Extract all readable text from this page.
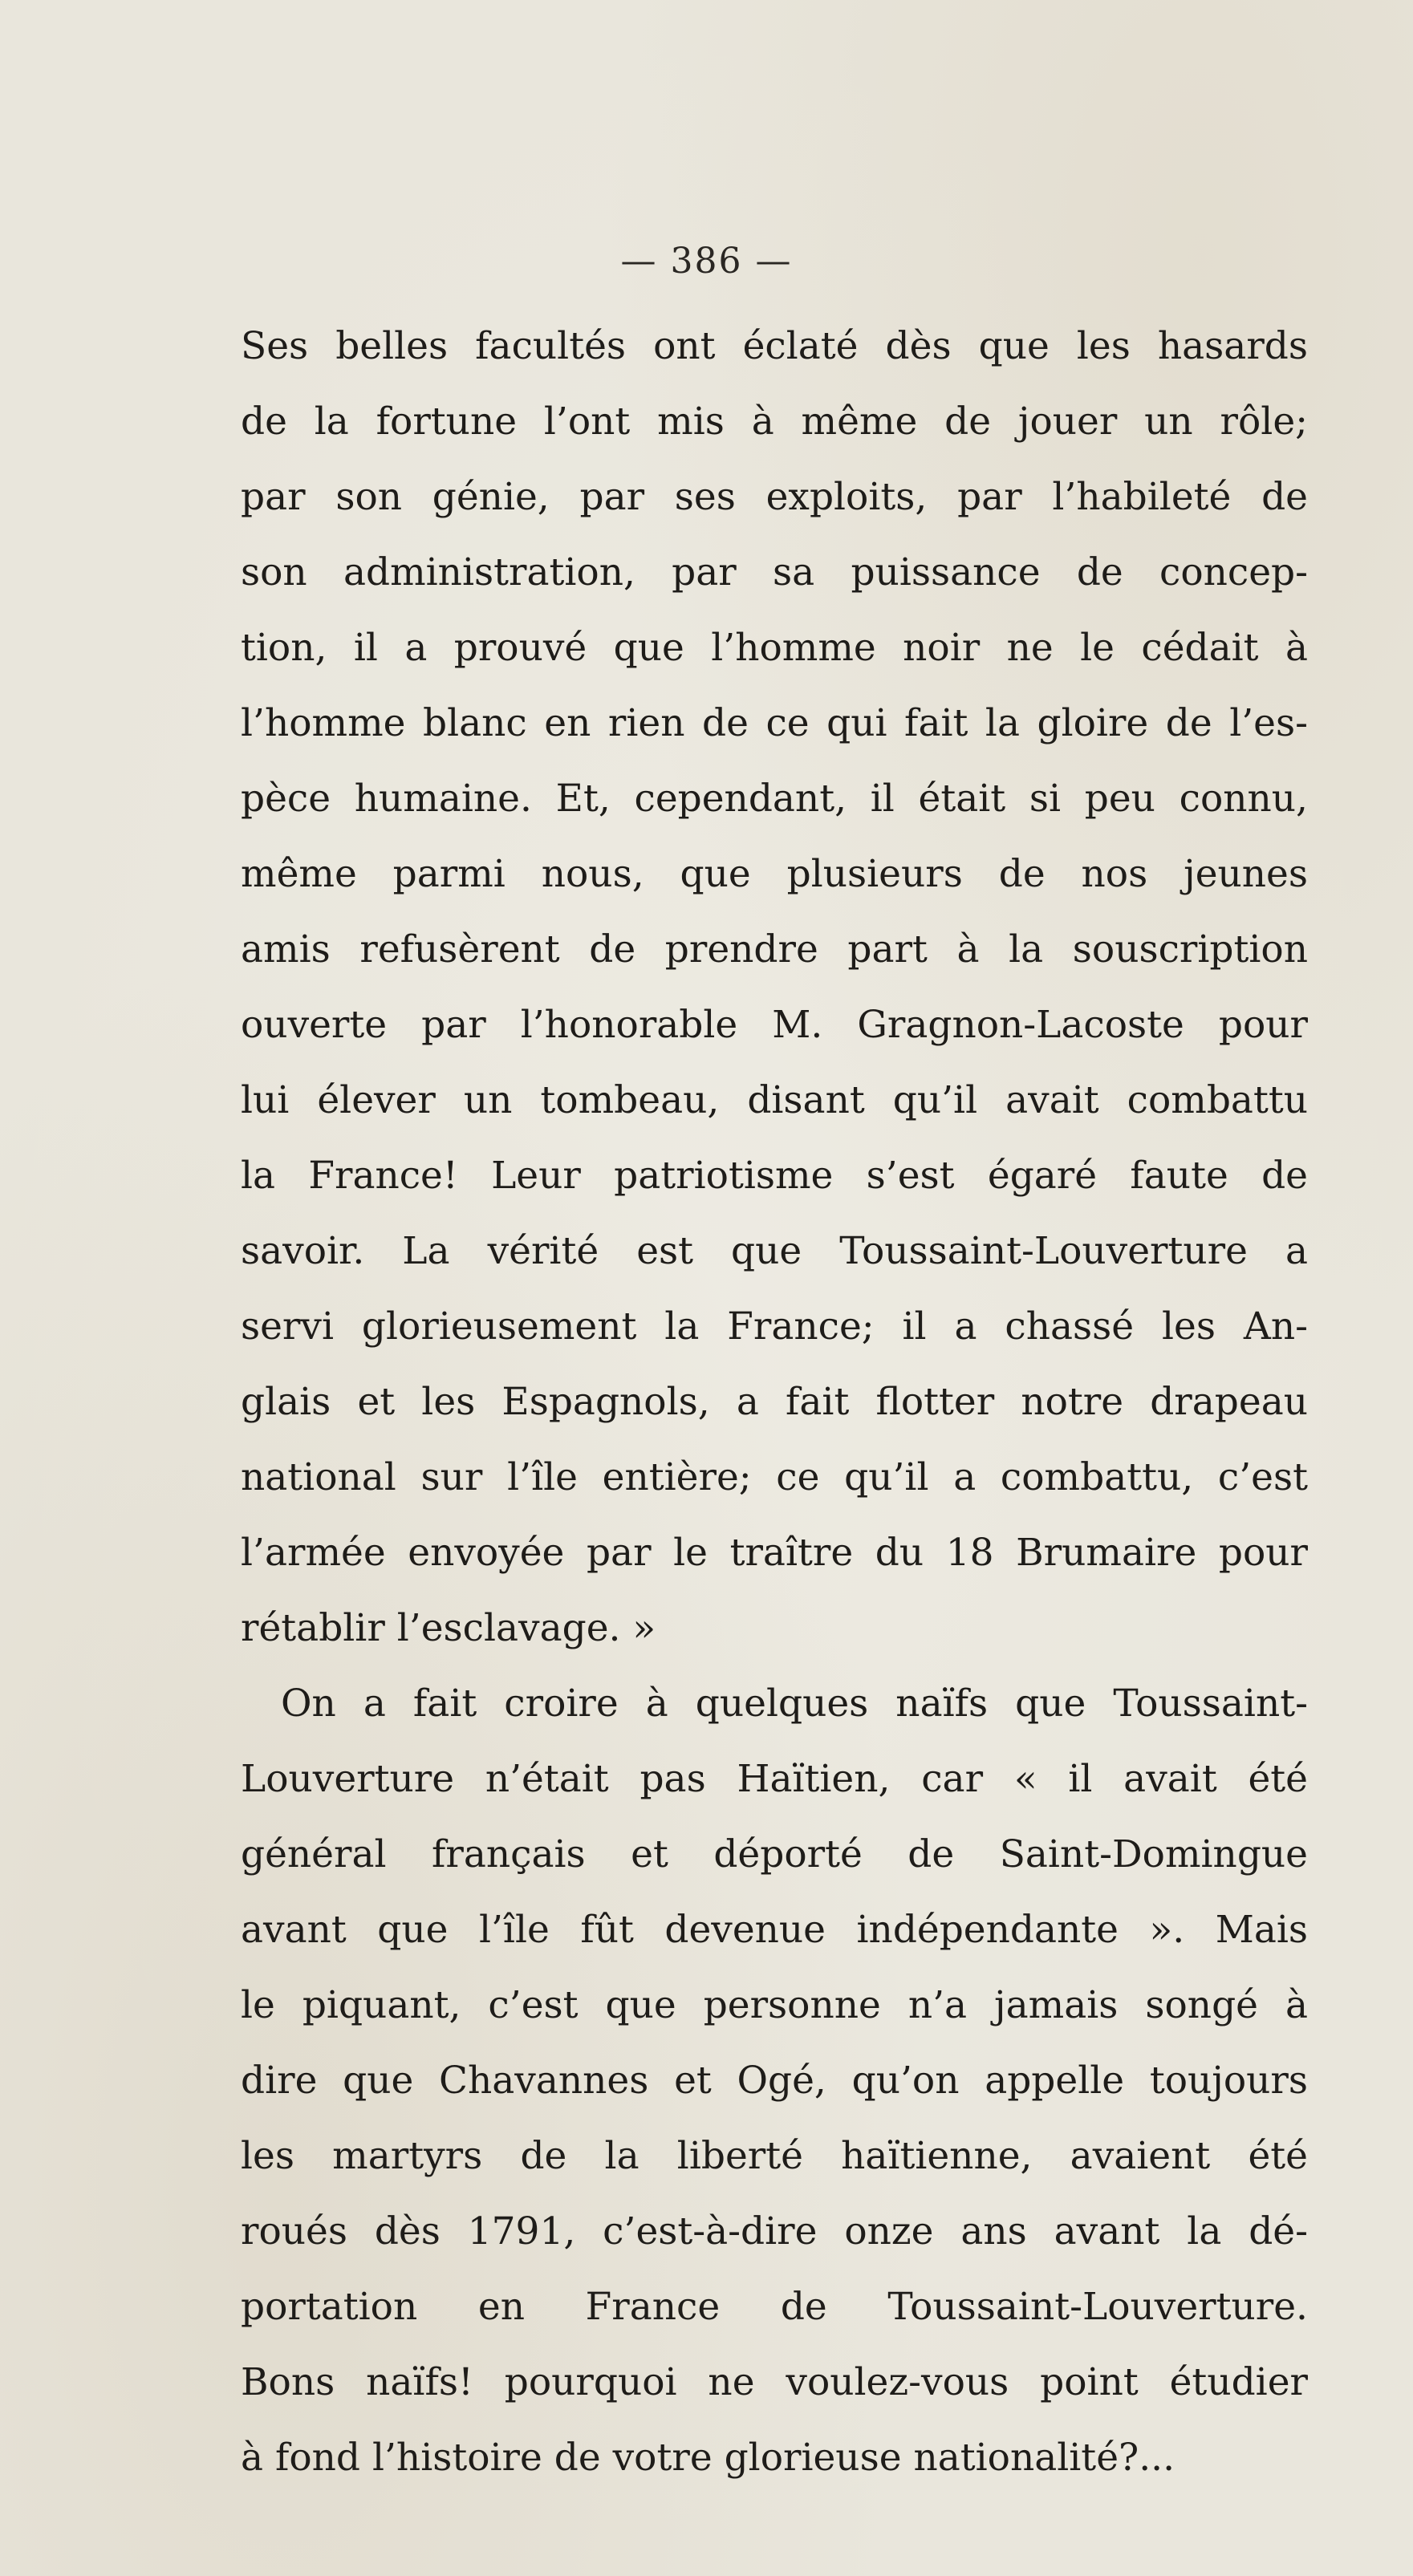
— 386 —
Ses belles facultés ont éclaté dès que les hasards
de la fortune l’ont mis à même de jouer un rôle;
par son génie, par ses exploits, par l’habileté de
son administration, par sa puissance de concep-
tion, il a prouvé que l’homme noir ne le cédait à
l’homme blanc en rien de ce qui fait la gloire de l’es-
pèce humaine. Et, cependant, il était si peu connu,
même parmi nous, que plusieurs de nos jeunes
amis refusèrent de prendre part à la souscription
ouverte par l’honorable M. Gragnon-Lacoste pour
lui élever un tombeau, disant qu’il avait combattu
la France! Leur patriotisme s’est égaré faute de
savoir. La vérité est que Toussaint-Louverture a
servi glorieusement la France; il a chassé les An-
glais et les Espagnols, a fait flotter notre drapeau
national sur l’île entière; ce qu’il a combattu, c’est
l’armée envoyée par le traître du 18 Brumaire pour
rétablir l’esclavage. »
On a fait croire à quelques naïfs que Toussaint-
Louverture n’était pas Haïtien, car « il avait été
général français et déporté de Saint-Domingue
avant que l’île fût devenue indépendante ». Mais
le piquant, c’est que personne n’a jamais songé à
dire que Chavannes et Ogé, qu’on appelle toujours
les martyrs de la liberté haïtienne, avaient été
roués dès 1791, c’est-à-dire onze ans avant la dé-
portation en France de Toussaint-Louverture.
Bons naïfs! pourquoi ne voulez-vous point étudier
à fond l’histoire de votre glorieuse nationalité?...
